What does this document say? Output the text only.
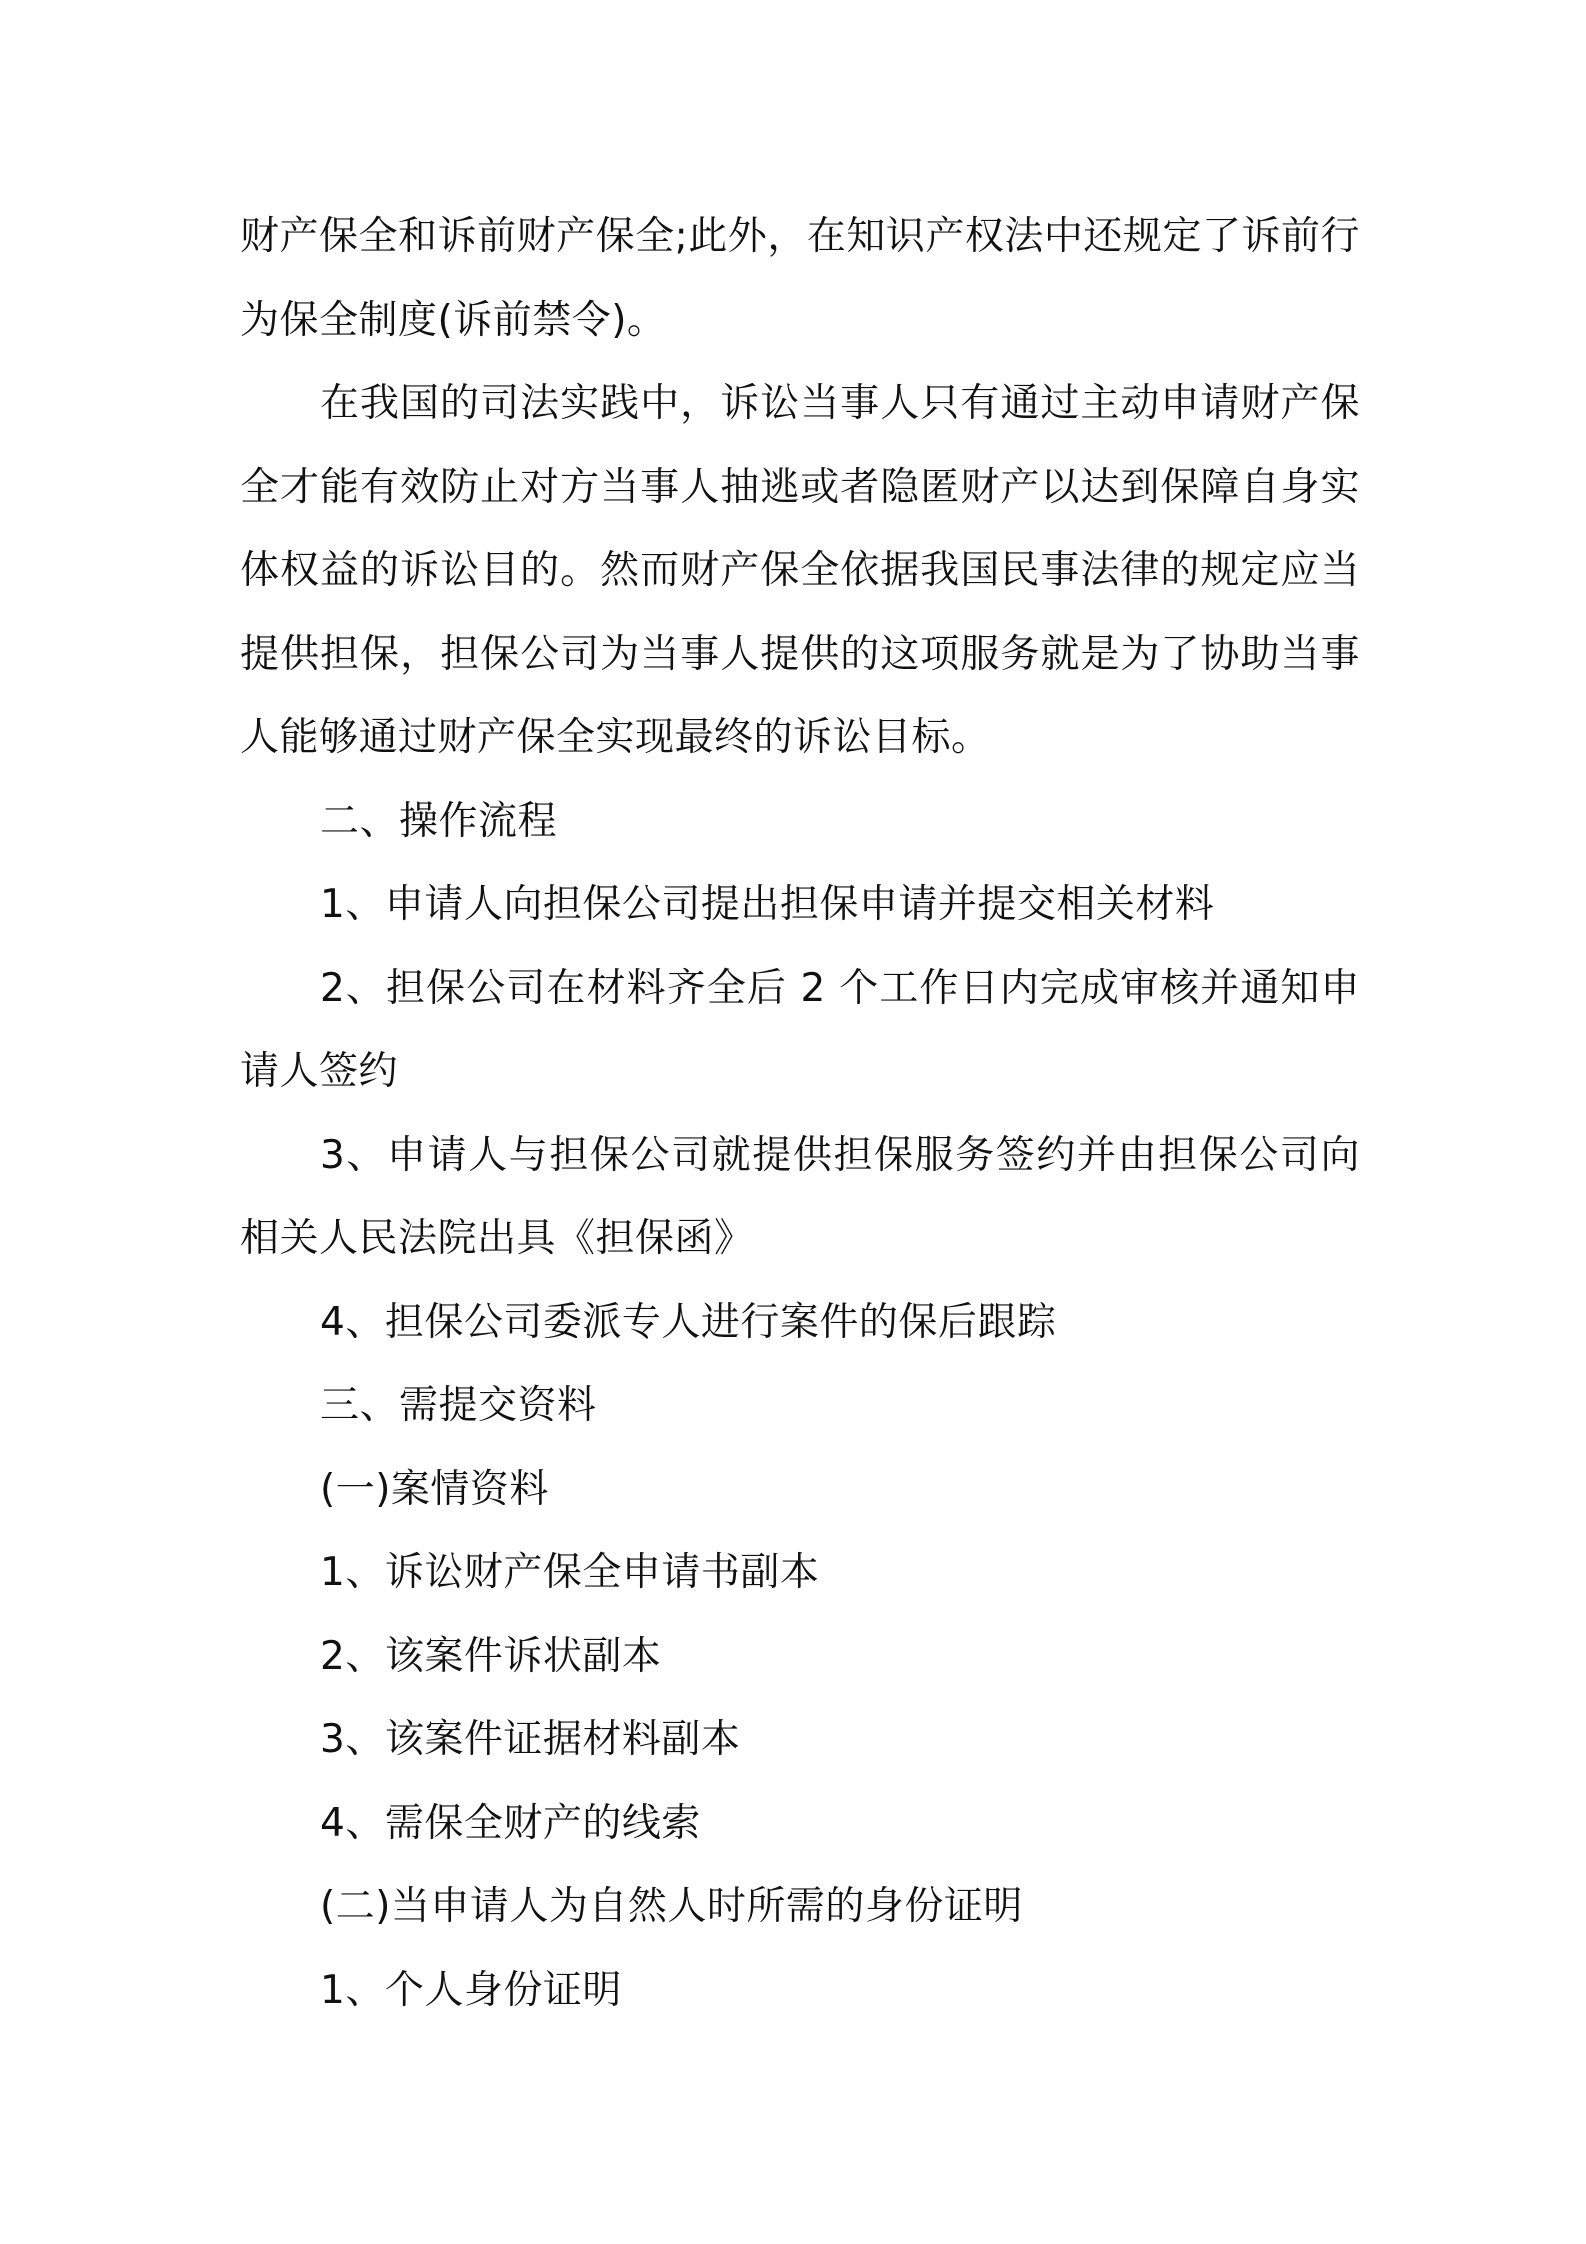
财产保全和诉前财产保全;此外，在知识产权法中还规定了诉前行为保全制度(诉前禁令)。

在我国的司法实践中，诉讼当事人只有通过主动申请财产保全才能有效防止对方当事人抽逃或者隐匿财产以达到保障自身实体权益的诉讼目的。然而财产保全依据我国民事法律的规定应当提供担保，担保公司为当事人提供的这项服务就是为了协助当事人能够通过财产保全实现最终的诉讼目标。

二、操作流程

1、申请人向担保公司提出担保申请并提交相关材料

2、担保公司在材料齐全后 2 个工作日内完成审核并通知申请人签约

3、申请人与担保公司就提供担保服务签约并由担保公司向相关人民法院出具《担保函》

4、担保公司委派专人进行案件的保后跟踪

三、需提交资料

(一)案情资料

1、诉讼财产保全申请书副本

2、该案件诉状副本

3、该案件证据材料副本

4、需保全财产的线索

(二)当申请人为自然人时所需的身份证明

1、个人身份证明
